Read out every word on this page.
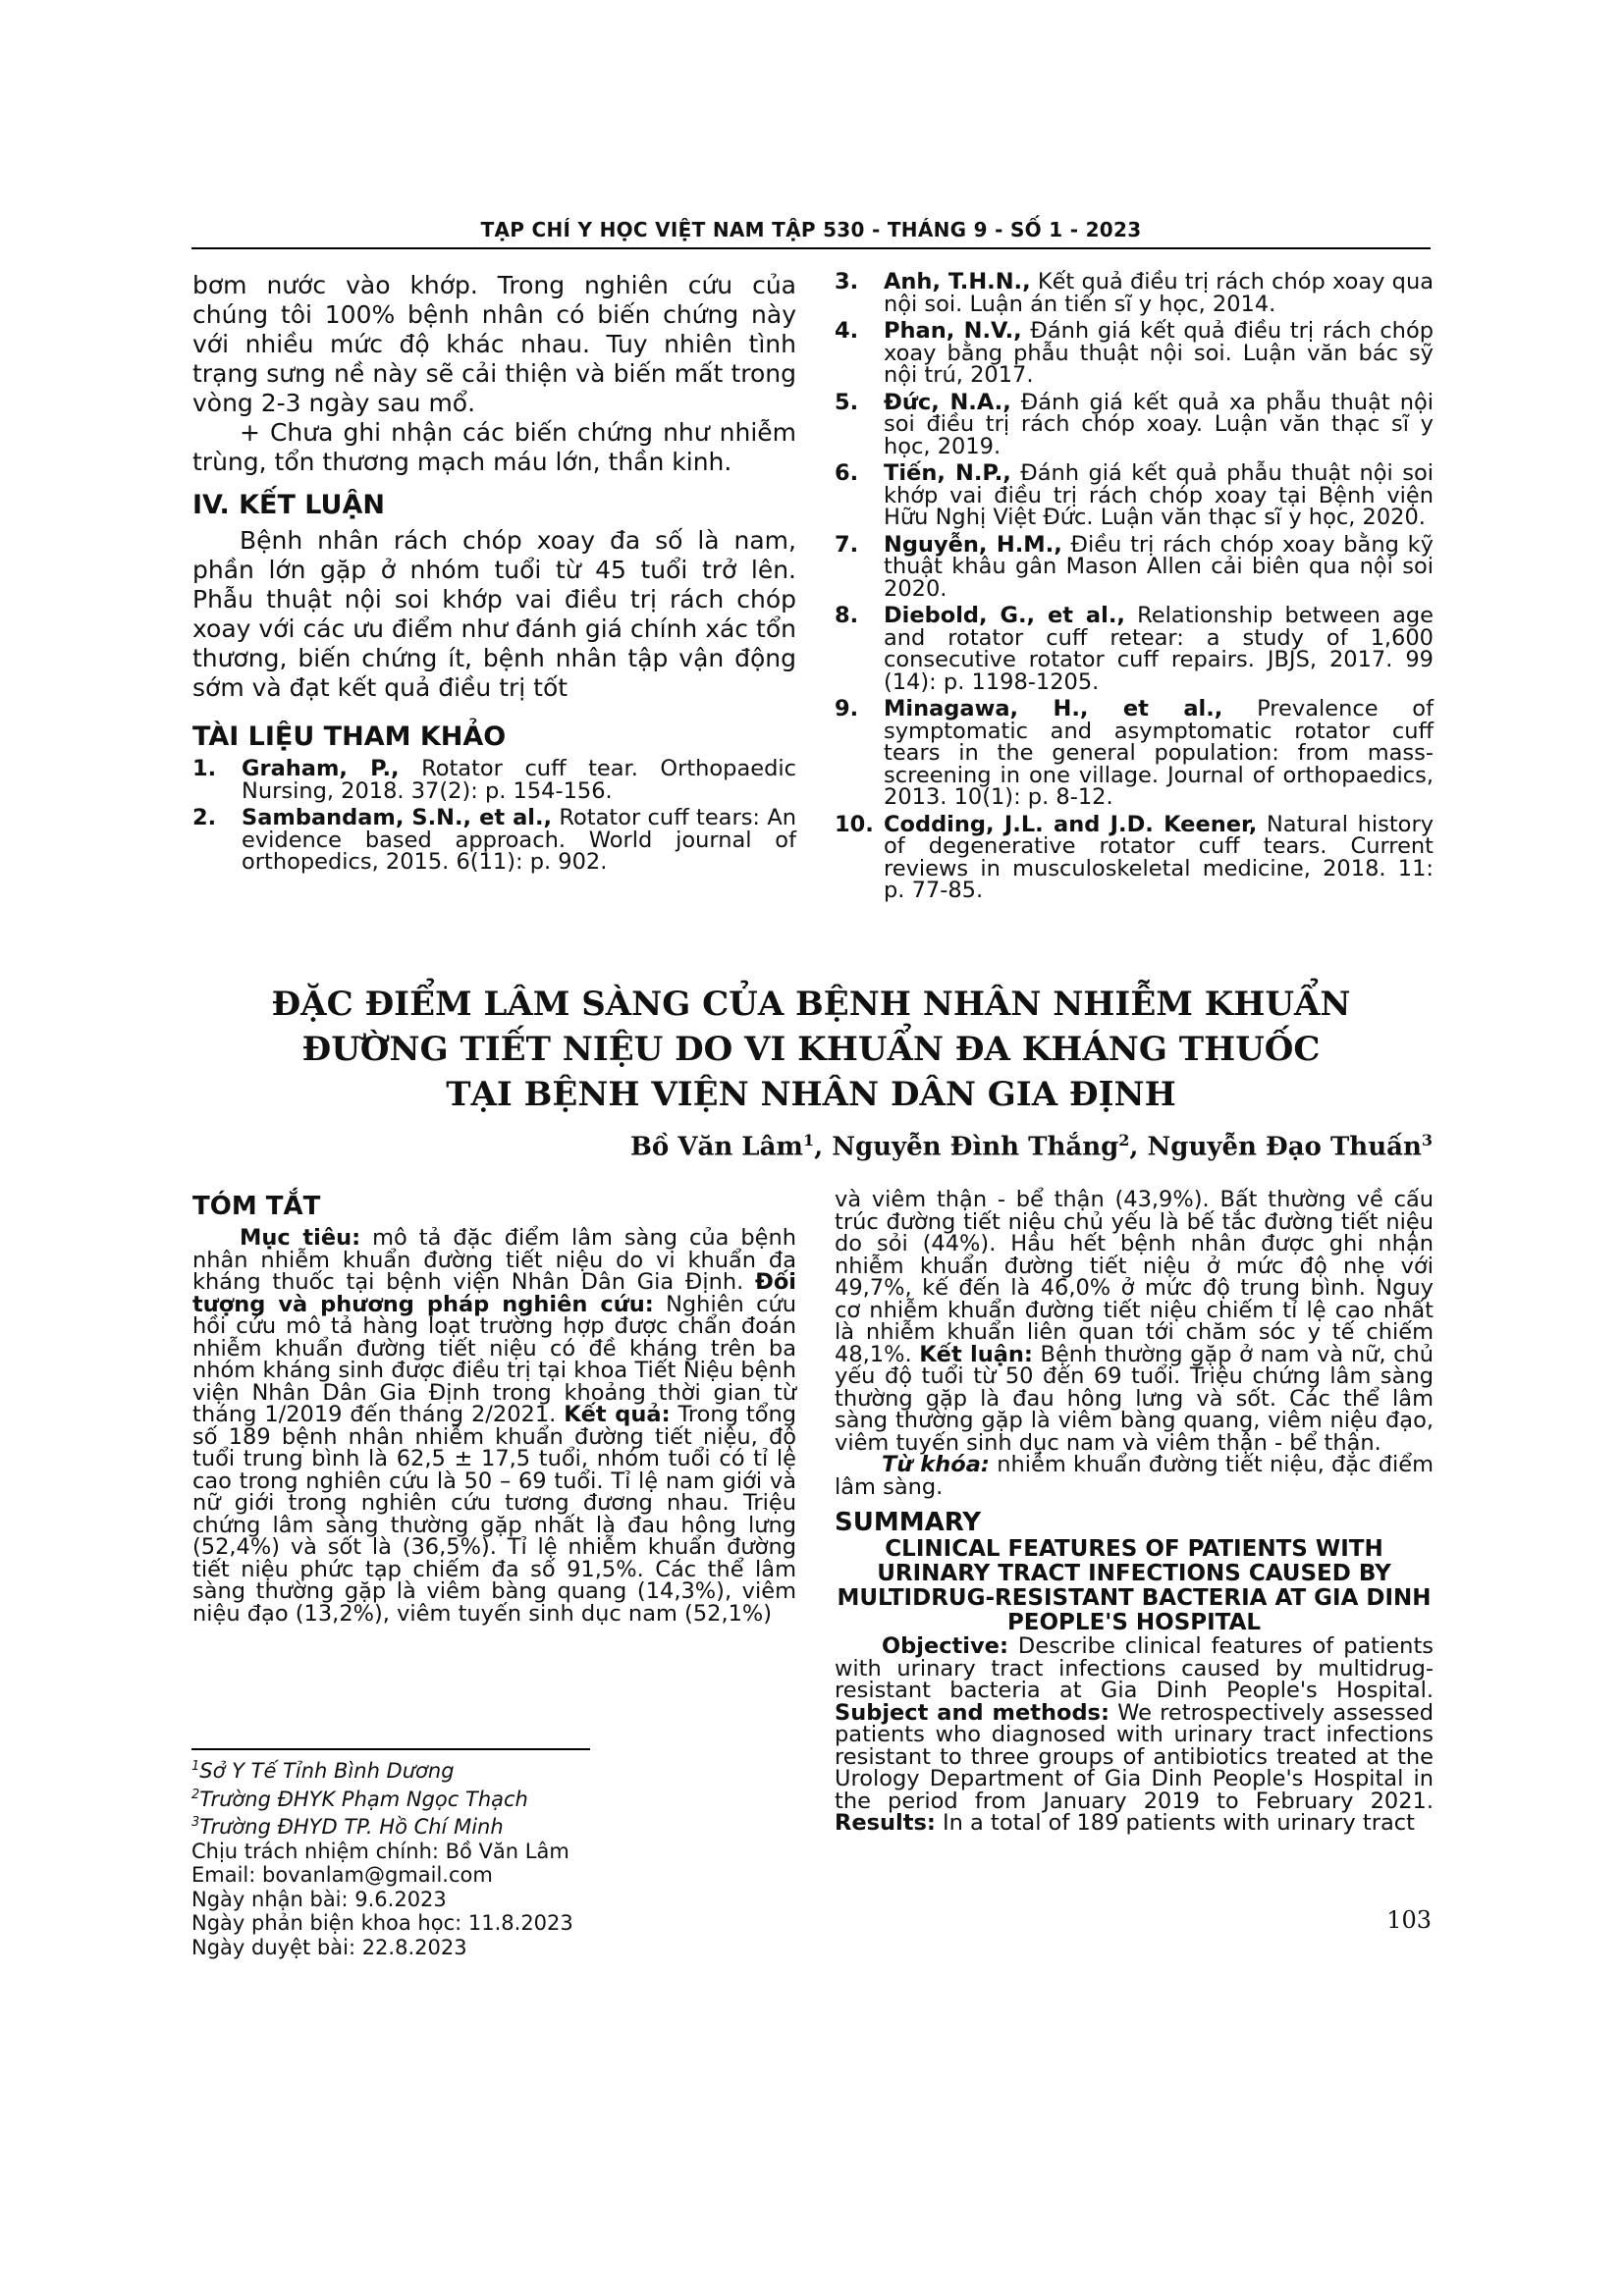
TẠP CHÍ Y HỌC VIỆT NAM TẬP 530 - THÁNG 9 - SỐ 1 - 2023

bơm nước vào khớp. Trong nghiên cứu của chúng tôi 100% bệnh nhân có biến chứng này với nhiều mức độ khác nhau. Tuy nhiên tình trạng sưng nề này sẽ cải thiện và biến mất trong vòng 2-3 ngày sau mổ.

+ Chưa ghi nhận các biến chứng như nhiễm trùng, tổn thương mạch máu lớn, thần kinh.

IV. KẾT LUẬN

Bệnh nhân rách chóp xoay đa số là nam, phần lớn gặp ở nhóm tuổi từ 45 tuổi trở lên. Phẫu thuật nội soi khớp vai điều trị rách chóp xoay với các ưu điểm như đánh giá chính xác tổn thương, biến chứng ít, bệnh nhân tập vận động sớm và đạt kết quả điều trị tốt

TÀI LIỆU THAM KHẢO
1. Graham, P., Rotator cuff tear. Orthopaedic Nursing, 2018. 37(2): p. 154-156.
2. Sambandam, S.N., et al., Rotator cuff tears: An evidence based approach. World journal of orthopedics, 2015. 6(11): p. 902.
3. Anh, T.H.N., Kết quả điều trị rách chóp xoay qua nội soi. Luận án tiến sĩ y học, 2014.
4. Phan, N.V., Đánh giá kết quả điều trị rách chóp xoay bằng phẫu thuật nội soi. Luận văn bác sỹ nội trú, 2017.
5. Đức, N.A., Đánh giá kết quả xa phẫu thuật nội soi điều trị rách chóp xoay. Luận văn thạc sĩ y học, 2019.
6. Tiến, N.P., Đánh giá kết quả phẫu thuật nội soi khớp vai điều trị rách chóp xoay tại Bệnh viện Hữu Nghị Việt Đức. Luận văn thạc sĩ y học, 2020.
7. Nguyễn, H.M., Điều trị rách chóp xoay bằng kỹ thuật khâu gân Mason Allen cải biên qua nội soi 2020.
8. Diebold, G., et al., Relationship between age and rotator cuff retear: a study of 1,600 consecutive rotator cuff repairs. JBJS, 2017. 99 (14): p. 1198-1205.
9. Minagawa, H., et al., Prevalence of symptomatic and asymptomatic rotator cuff tears in the general population: from mass-screening in one village. Journal of orthopaedics, 2013. 10(1): p. 8-12.
10. Codding, J.L. and J.D. Keener, Natural history of degenerative rotator cuff tears. Current reviews in musculoskeletal medicine, 2018. 11: p. 77-85.
ĐẶC ĐIỂM LÂM SÀNG CỦA BỆNH NHÂN NHIỄM KHUẨN
ĐƯỜNG TIẾT NIỆU DO VI KHUẨN ĐA KHÁNG THUỐC
TẠI BỆNH VIỆN NHÂN DÂN GIA ĐỊNH
Bồ Văn Lâm$^1$, Nguyễn Đình Thắng$^2$, Nguyễn Đạo Thuấn$^3$
TÓM TẮT

Mục tiêu: mô tả đặc điểm lâm sàng của bệnh nhân nhiễm khuẩn đường tiết niệu do vi khuẩn đa kháng thuốc tại bệnh viện Nhân Dân Gia Định. Đối tượng và phương pháp nghiên cứu: Nghiên cứu hồi cứu mô tả hàng loạt trường hợp được chẩn đoán nhiễm khuẩn đường tiết niệu có đề kháng trên ba nhóm kháng sinh được điều trị tại khoa Tiết Niệu bệnh viện Nhân Dân Gia Định trong khoảng thời gian từ tháng 1/2019 đến tháng 2/2021. Kết quả: Trong tổng số 189 bệnh nhân nhiễm khuẩn đường tiết niệu, độ tuổi trung bình là 62,5 ± 17,5 tuổi, nhóm tuổi có tỉ lệ cao trong nghiên cứu là 50 – 69 tuổi. Tỉ lệ nam giới và nữ giới trong nghiên cứu tương đương nhau. Triệu chứng lâm sàng thường gặp nhất là đau hông lưng (52,4%) và sốt là (36,5%). Tỉ lệ nhiễm khuẩn đường tiết niệu phức tạp chiếm đa số 91,5%. Các thể lâm sàng thường gặp là viêm bàng quang (14,3%), viêm niệu đạo (13,2%), viêm tuyến sinh dục nam (52,1%)

và viêm thận - bể thận (43,9%). Bất thường về cấu trúc đường tiết niệu chủ yếu là bế tắc đường tiết niệu do sỏi (44%). Hầu hết bệnh nhân được ghi nhận nhiễm khuẩn đường tiết niệu ở mức độ nhẹ với 49,7%, kế đến là 46,0% ở mức độ trung bình. Nguy cơ nhiễm khuẩn đường tiết niệu chiếm tỉ lệ cao nhất là nhiễm khuẩn liên quan tới chăm sóc y tế chiếm 48,1%. Kết luận: Bệnh thường gặp ở nam và nữ, chủ yếu độ tuổi từ 50 đến 69 tuổi. Triệu chứng lâm sàng thường gặp là đau hông lưng và sốt. Các thể lâm sàng thường gặp là viêm bàng quang, viêm niệu đạo, viêm tuyến sinh dục nam và viêm thận - bể thận.

Từ khóa: nhiễm khuẩn đường tiết niệu, đặc điểm lâm sàng.

SUMMARY

CLINICAL FEATURES OF PATIENTS WITH URINARY TRACT INFECTIONS CAUSED BY MULTIDRUG-RESISTANT BACTERIA AT GIA DINH PEOPLE'S HOSPITAL

Objective: Describe clinical features of patients with urinary tract infections caused by multidrug-resistant bacteria at Gia Dinh People's Hospital. Subject and methods: We retrospectively assessed patients who diagnosed with urinary tract infections resistant to three groups of antibiotics treated at the Urology Department of Gia Dinh People's Hospital in the period from January 2019 to February 2021. Results: In a total of 189 patients with urinary tract

$^1$Sở Y Tế Tỉnh Bình Dương
$^2$Trường ĐHYK Phạm Ngọc Thạch
$^3$Trường ĐHYD TP. Hồ Chí Minh
Chịu trách nhiệm chính: Bồ Văn Lâm
Email: bovanlam@gmail.com
Ngày nhận bài: 9.6.2023
Ngày phản biện khoa học: 11.8.2023
Ngày duyệt bài: 22.8.2023
103
